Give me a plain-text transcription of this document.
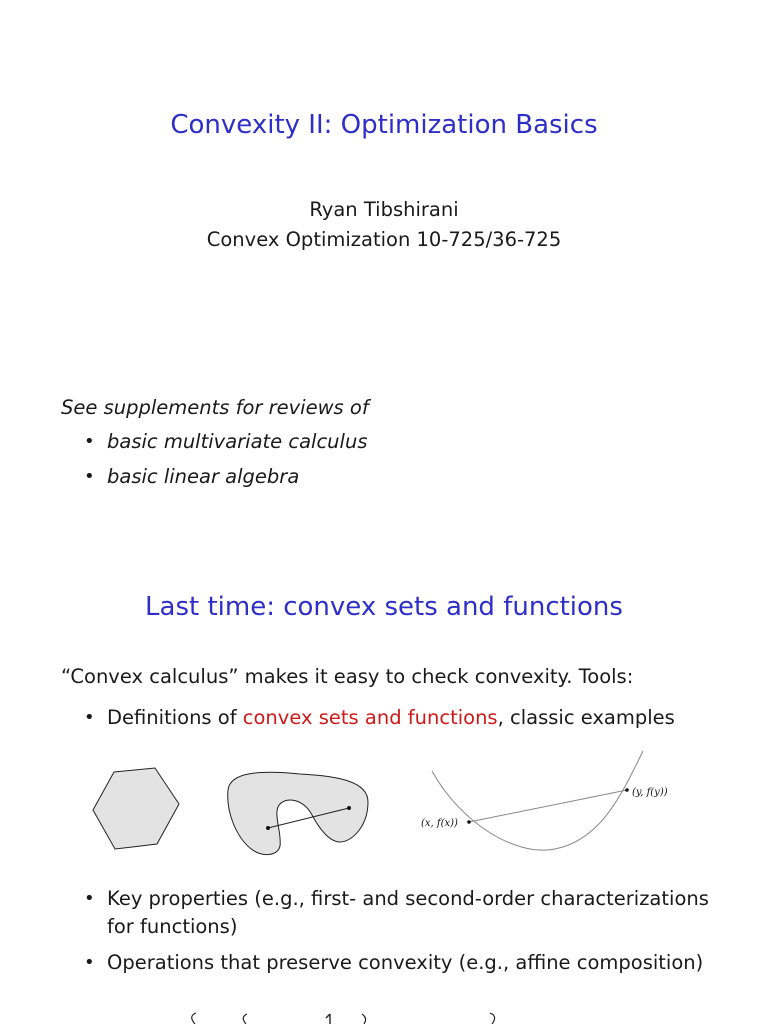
Convexity II: Optimization Basics
Ryan Tibshirani
Convex Optimization 10-725/36-725
See supplements for reviews of
• basic multivariate calculus
• basic linear algebra
Last time: convex sets and functions
“Convex calculus” makes it easy to check convexity. Tools:
• Definitions of convex sets and functions, classic examples
(x, f(x))
(y, f(y))
• Key properties (e.g., first- and second-order characterizations
for functions)
• Operations that preserve convexity (e.g., affine composition)
